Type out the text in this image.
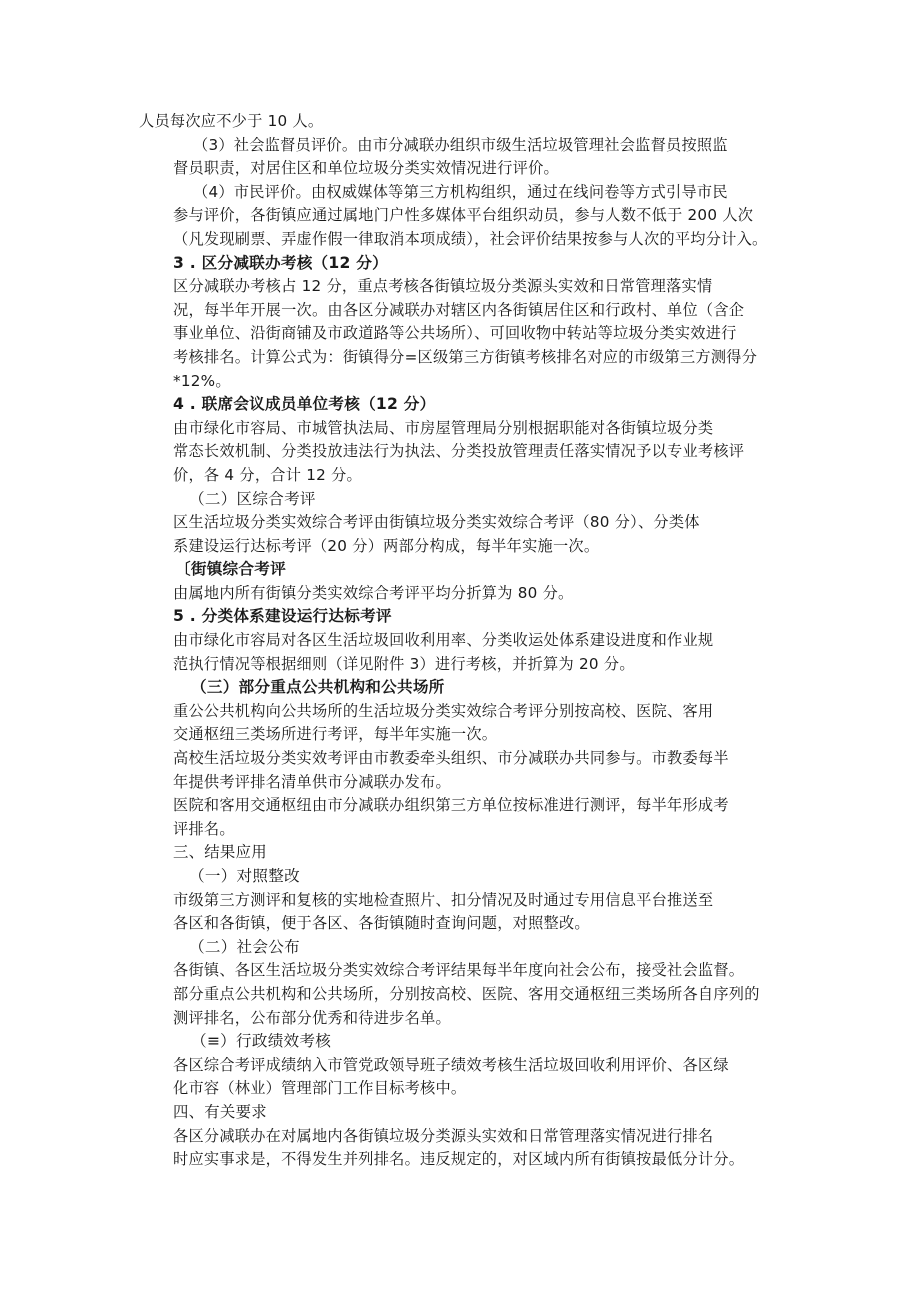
人员每次应不少于 10 人。

（3）社会监督员评价。由市分减联办组织市级生活垃圾管理社会监督员按照监

督员职责，对居住区和单位垃圾分类实效情况进行评价。

（4）市民评价。由权威媒体等第三方机构组织，通过在线问卷等方式引导市民

参与评价，各街镇应通过属地门户性多媒体平台组织动员，参与人数不低于 200 人次

（凡发现刷票、弄虚作假一律取消本项成绩），社会评价结果按参与人次的平均分计入。

3 . 区分减联办考核（12 分）

区分减联办考核占 12 分，重点考核各街镇垃圾分类源头实效和日常管理落实情

况，每半年开展一次。由各区分减联办对辖区内各街镇居住区和行政村、单位（含企

事业单位、沿街商铺及市政道路等公共场所）、可回收物中转站等垃圾分类实效进行

考核排名。计算公式为：街镇得分=区级第三方街镇考核排名对应的市级第三方测得分

*12%。

4 . 联席会议成员单位考核（12 分）

由市绿化市容局、市城管执法局、市房屋管理局分别根据职能对各街镇垃圾分类

常态长效机制、分类投放违法行为执法、分类投放管理责任落实情况予以专业考核评

价，各 4 分，合计 12 分。

（二）区综合考评

区生活垃圾分类实效综合考评由街镇垃圾分类实效综合考评（80 分）、分类体

系建设运行达标考评（20 分）两部分构成，每半年实施一次。

〔街镇综合考评

由属地内所有街镇分类实效综合考评平均分折算为 80 分。

5 . 分类体系建设运行达标考评

由市绿化市容局对各区生活垃圾回收利用率、分类收运处体系建设进度和作业规

范执行情况等根据细则（详见附件 3）进行考核，并折算为 20 分。

（三）部分重点公共机构和公共场所

重公公共机构向公共场所的生活垃圾分类实效综合考评分别按高校、医院、客用

交通枢纽三类场所进行考评，每半年实施一次。

高校生活垃圾分类实效考评由市教委牵头组织、市分减联办共同参与。市教委每半

年提供考评排名清单供市分减联办发布。

医院和客用交通枢纽由市分减联办组织第三方单位按标准进行测评，每半年形成考

评排名。

三、结果应用

（一）对照整改

市级第三方测评和复核的实地检查照片、扣分情况及时通过专用信息平台推送至

各区和各街镇，便于各区、各街镇随时查询问题，对照整改。

（二）社会公布

各街镇、各区生活垃圾分类实效综合考评结果每半年度向社会公布，接受社会监督。

部分重点公共机构和公共场所，分别按高校、医院、客用交通枢纽三类场所各自序列的

测评排名，公布部分优秀和待进步名单。

（≡）行政绩效考核

各区综合考评成绩纳入市管党政领导班子绩效考核生活垃圾回收利用评价、各区绿

化市容（林业）管理部门工作目标考核中。

四、有关要求

各区分减联办在对属地内各街镇垃圾分类源头实效和日常管理落实情况进行排名

时应实事求是，不得发生并列排名。违反规定的，对区域内所有街镇按最低分计分。
